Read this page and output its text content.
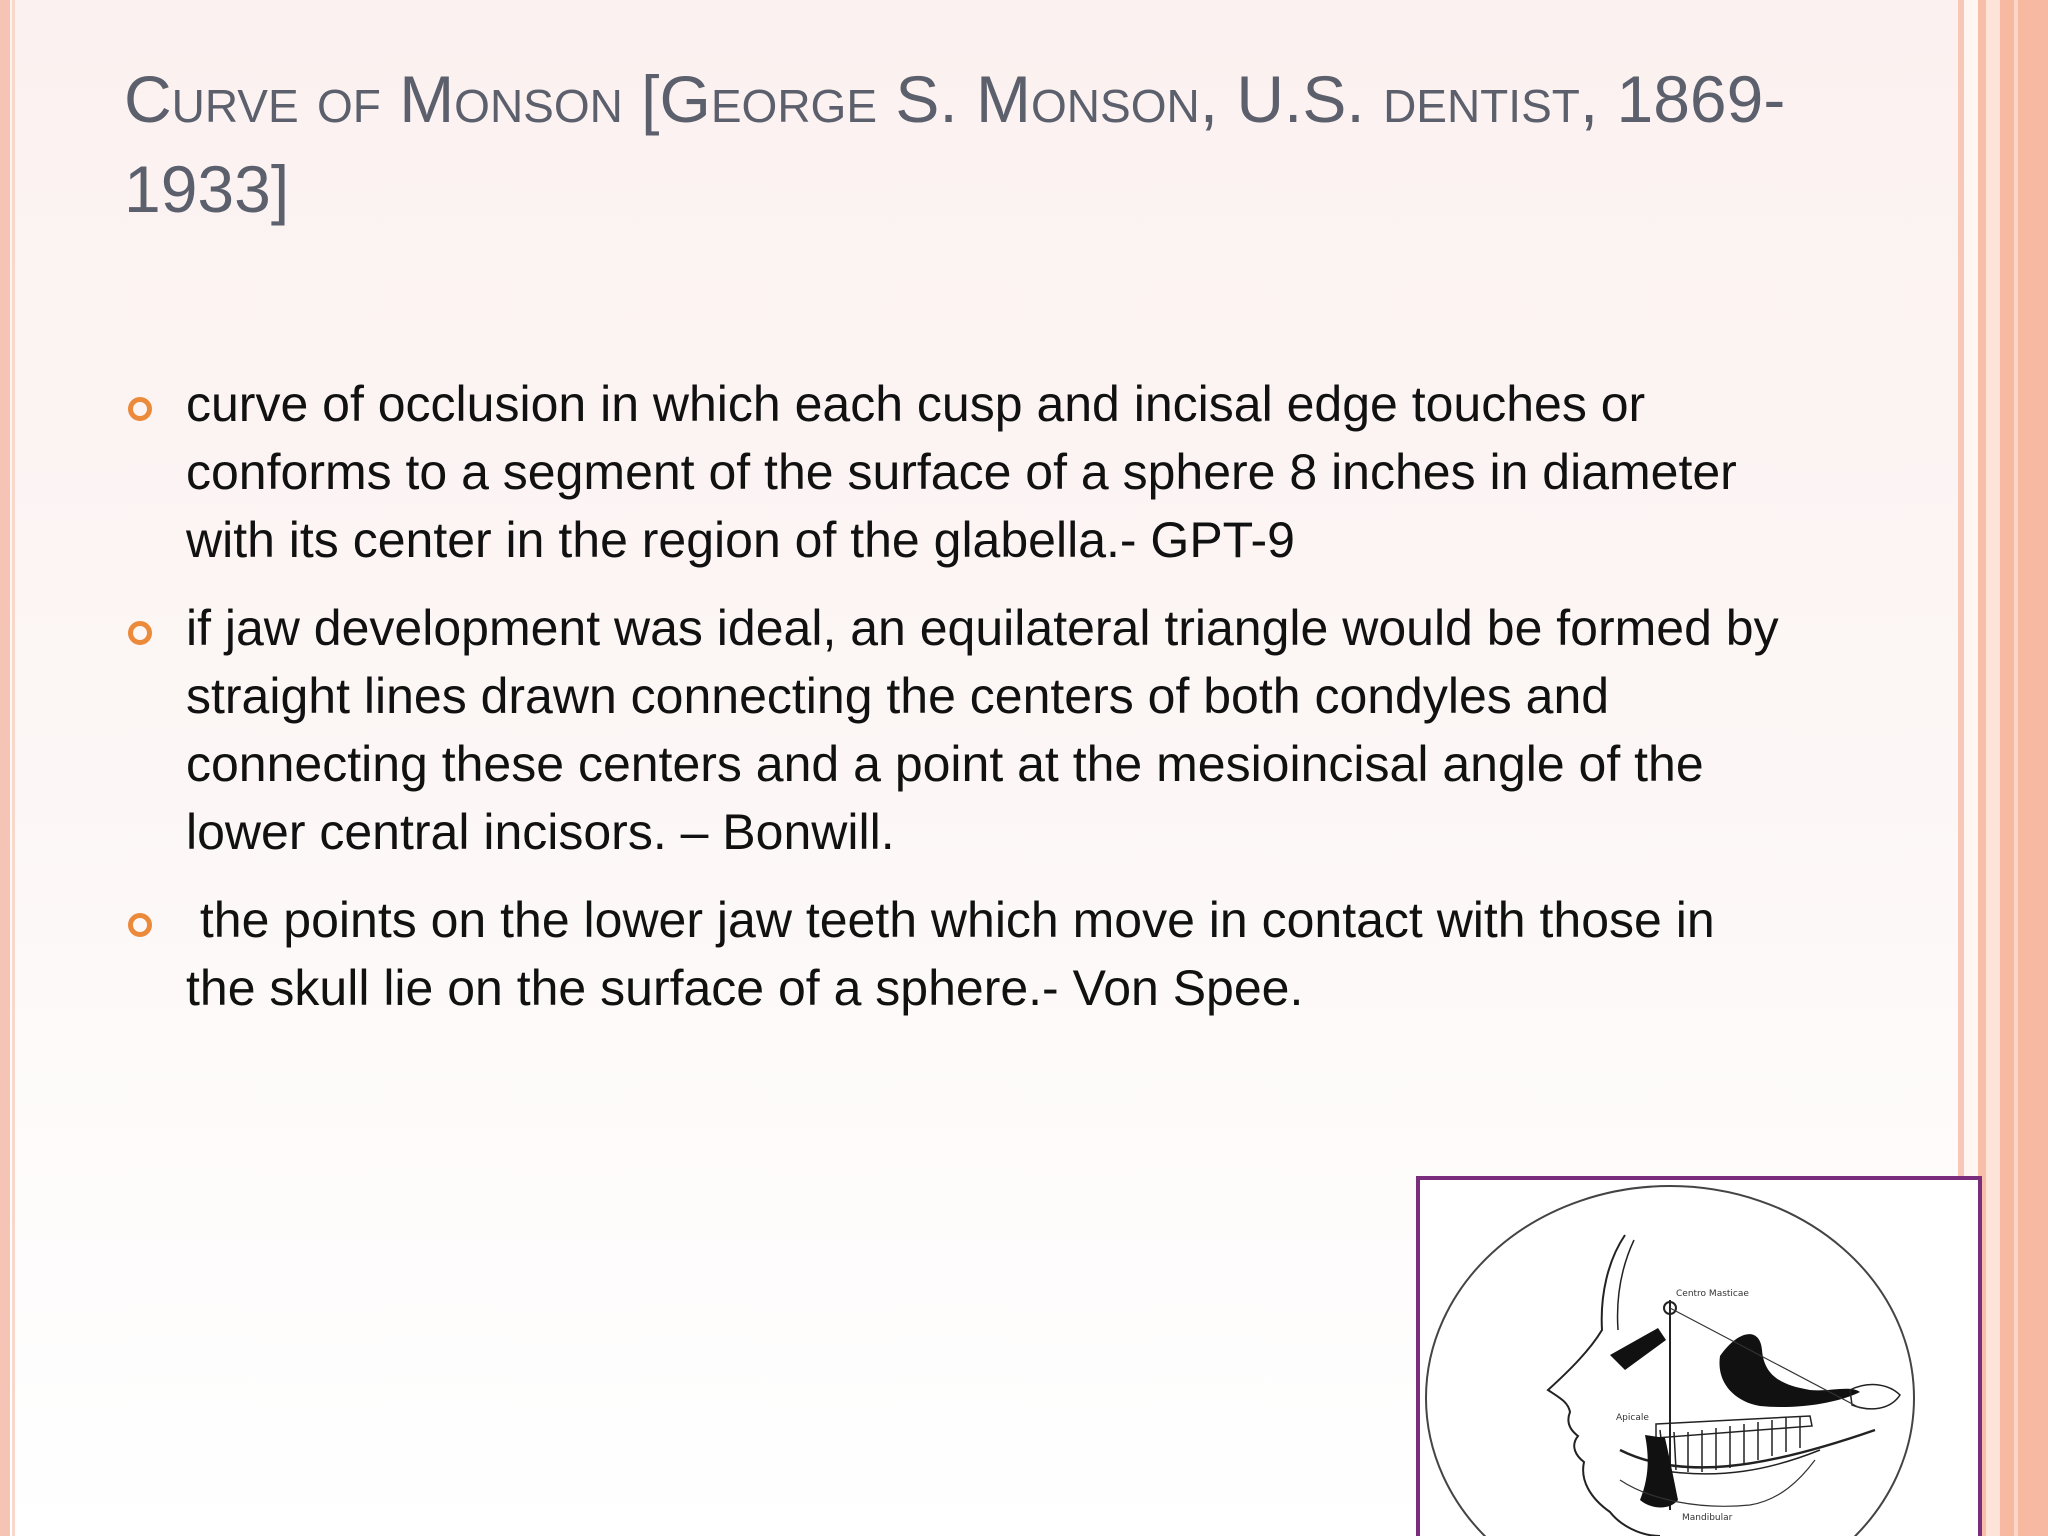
Curve of Monson [George S. Monson, U.S. dentist, 1869-1933]
curve of occlusion in which each cusp and incisal edge touches or conforms to a segment of the surface of a sphere 8 inches in diameter with its center in the region of the glabella.- GPT-9
if jaw development was ideal, an equilateral triangle would be formed by straight lines drawn connecting the centers of both condyles and connecting these centers and a point at the mesioincisal angle of the lower central incisors. – Bonwill.
the points on the lower jaw teeth which move in contact with those in the skull lie on the surface of a sphere.- Von Spee.
Centro Masticae
Apicale
Mandibular
